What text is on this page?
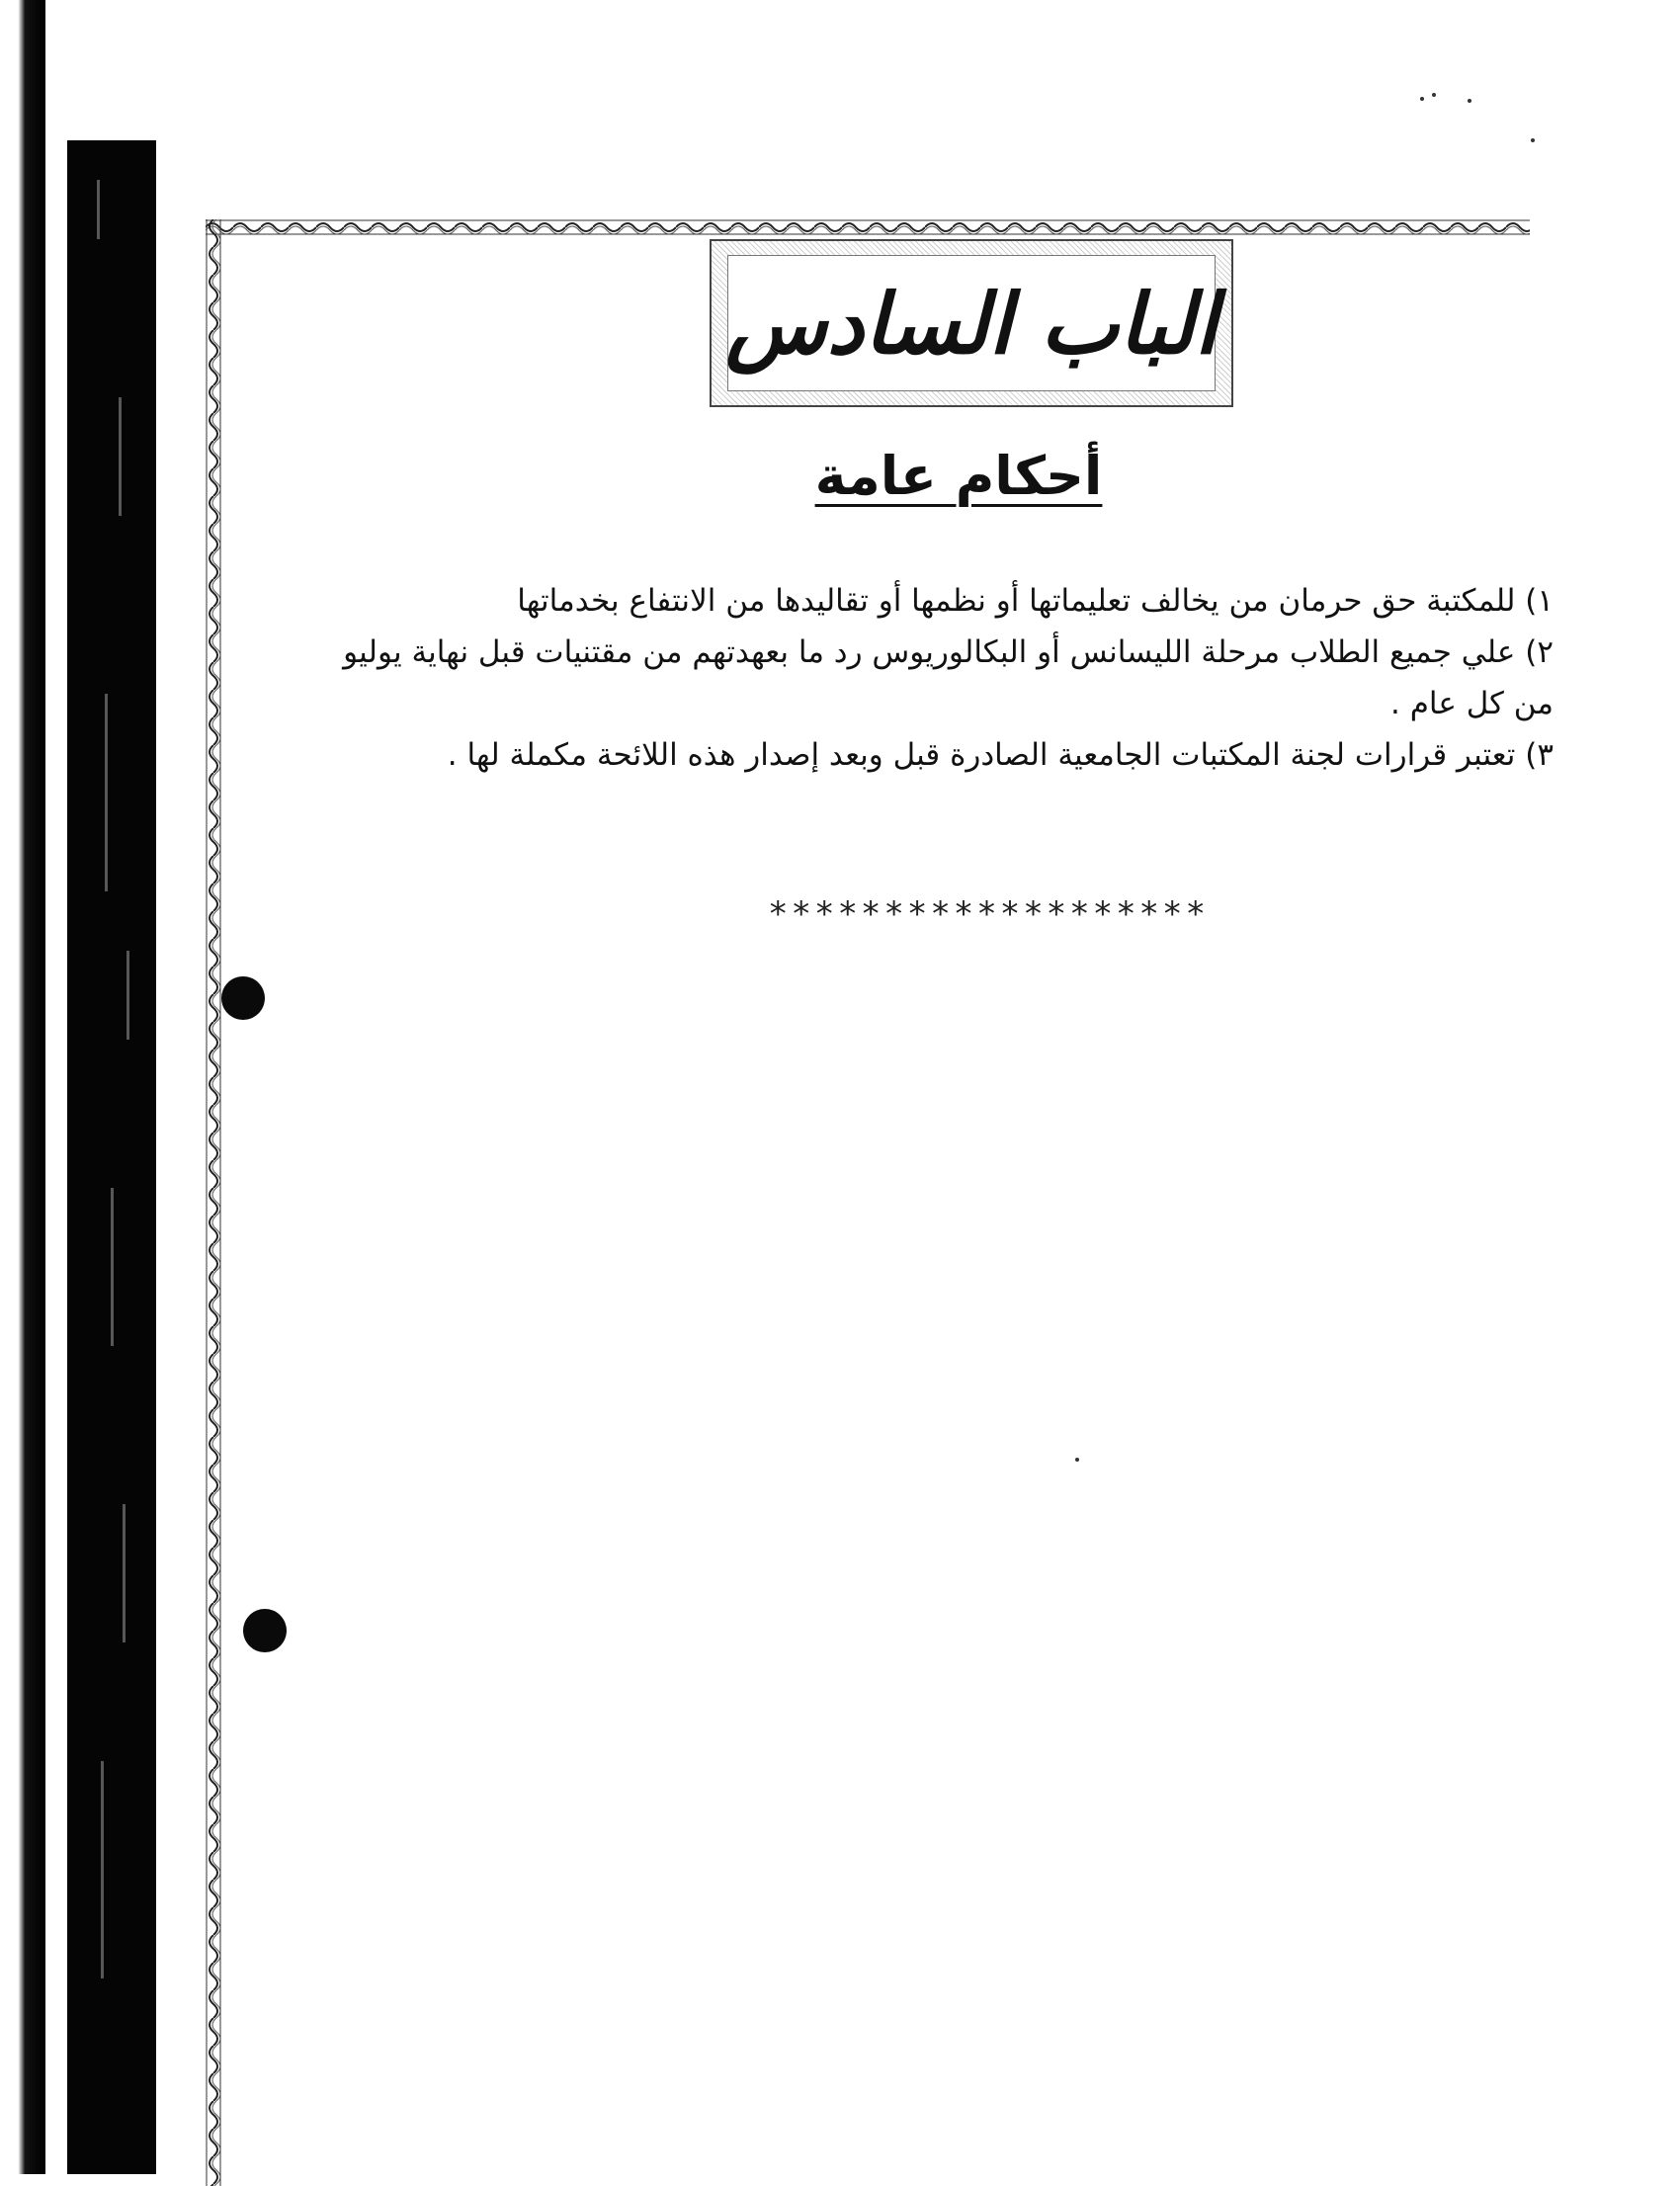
الباب السادس
أحكام عامة

١) للمكتبة حق حرمان من يخالف تعليماتها أو نظمها أو تقاليدها من الانتفاع بخدماتها

٢) علي جميع الطلاب مرحلة الليسانس أو البكالوريوس رد ما بعهدتهم من مقتنيات قبل نهاية يوليو من كل عام .

٣) تعتبر قرارات لجنة المكتبات الجامعية الصادرة قبل وبعد إصدار هذه اللائحة مكملة لها .

*******************
